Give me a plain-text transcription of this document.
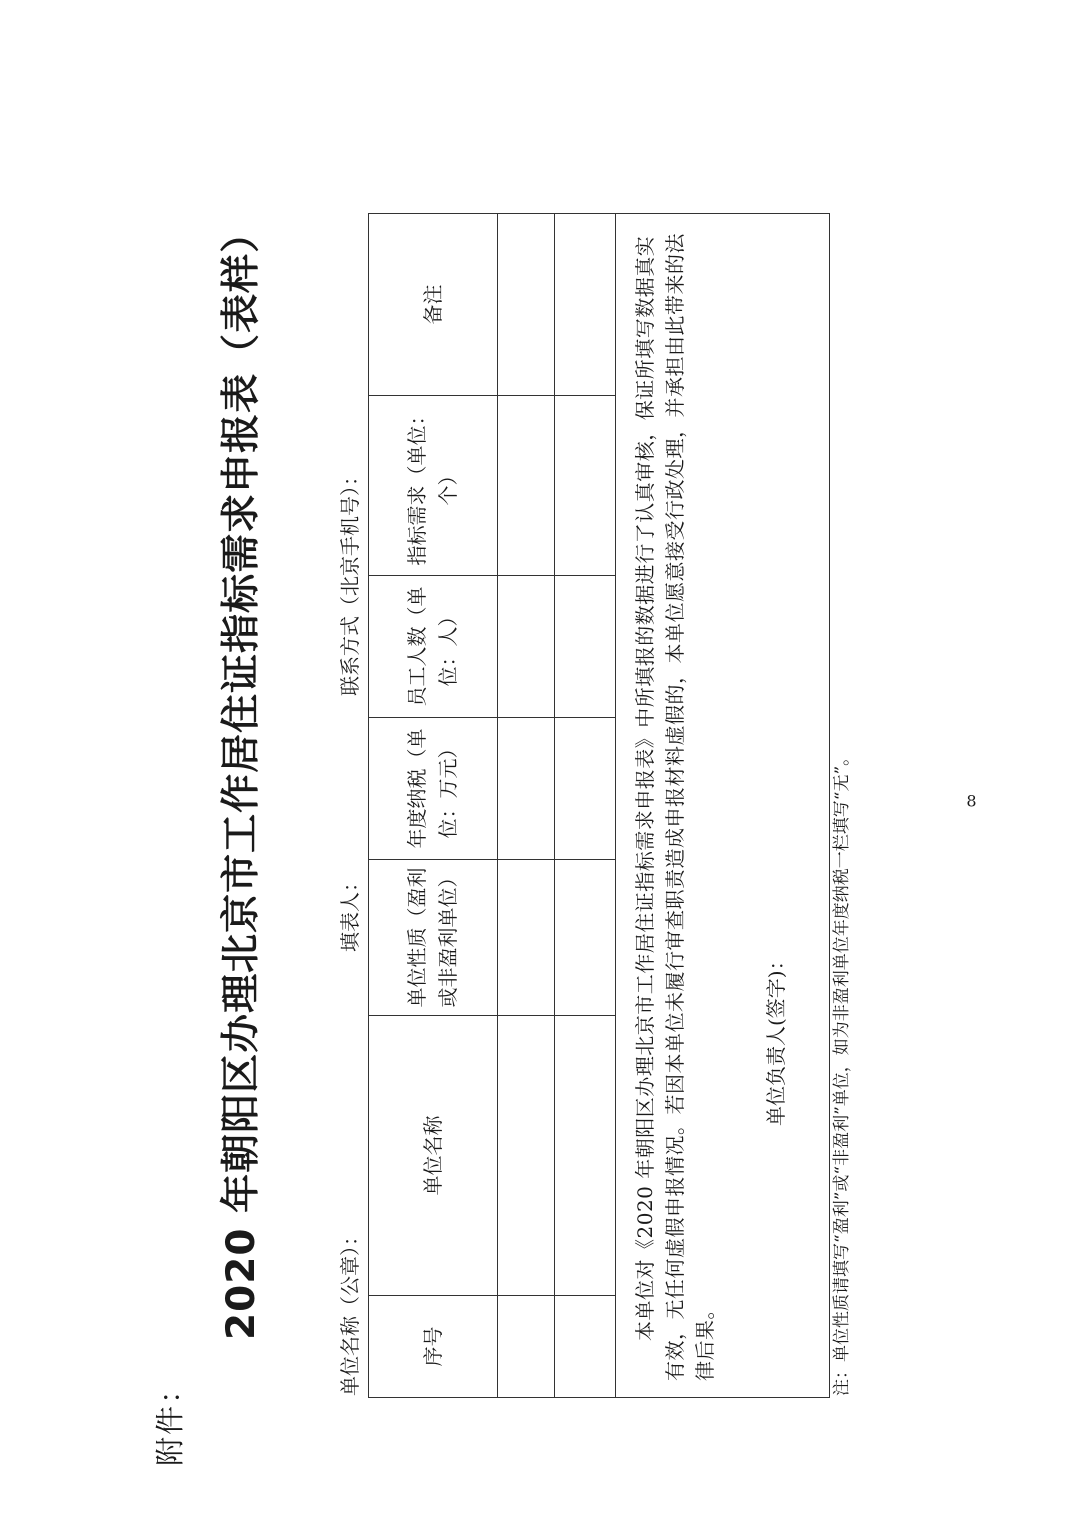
附件：
2020 年朝阳区办理北京市工作居住证指标需求申报表（表样）	单位名称（公章）：
填表人：
联系方式（北京手机号）：
序号	单位名称	单位性质（盈利或非盈利单位）	年度纳税（单位：万元）	员工人数（单位：人）	指标需求（单位：个）	备注

本单位对《2020 年朝阳区办理北京市工作居住证指标需求申报表》中所填报的数据进行了认真审核，保证所填写数据真实有效，无任何虚假申报情况。若因本单位未履行审查职责造成申报材料虚假的，本单位愿意接受行政处理，并承担由此带来的法律后果。						
单位负责人(签字)：	注：单位性质请填写“盈利”或“非盈利”单位，如为非盈利单位年度纳税一栏填写“无”。	8
